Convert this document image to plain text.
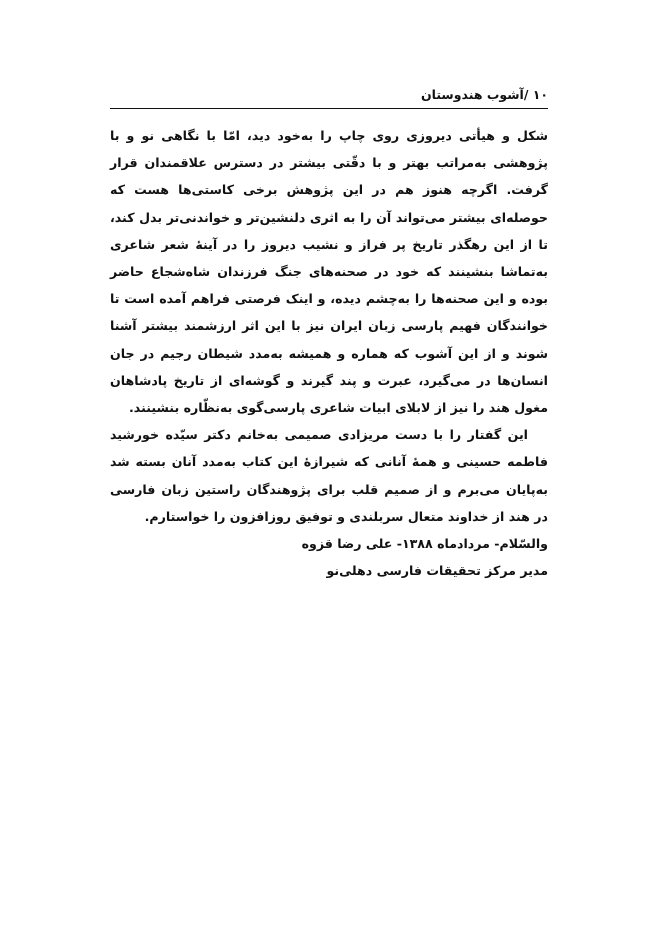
۱۰ /آشوب هندوستان

شکل و هیأتی دیروزی روی چاپ را به‌خود دید، امّا با نگاهی نو و با پژوهشی به‌مراتب بهتر و با دقّتی بیشتر در دسترس علاقمندان قرار گرفت. اگرچه هنوز هم در این پژوهش برخی کاستی‌ها هست که حوصله‌ای بیشتر می‌تواند آن را به اثری دلنشین‌تر و خواندنی‌تر بدل کند، تا از این رهگذر تاریخ پر فراز و نشیب دیروز را در آینهٔ شعر شاعری به‌تماشا بنشینند که خود در صحنه‌های جنگ فرزندان شاه‌شجاع حاضر بوده و این صحنه‌ها را به‌چشم دیده، و اینک فرصتی فراهم آمده است تا خوانندگان فهیم پارسی زبان ایران نیز با این اثر ارزشمند بیشتر آشنا شوند و از این آشوب که هماره و همیشه به‌مدد شیطان رجیم در جان انسان‌ها در می‌گیرد، عبرت و پند گیرند و گوشه‌ای از تاریخ پادشاهان مغول هند را نیز از لابلای ابیات شاعری پارسی‌گوی به‌نظّاره بنشینند.

این گفتار را با دست مریزادی صمیمی به‌خانم دکتر سیّده خورشید فاطمه حسینی و همهٔ آنانی که شیرازهٔ این کتاب به‌مدد آنان بسته شد به‌پایان می‌برم و از صمیم قلب برای پژوهندگان راستین زبان فارسی در هند از خداوند متعال سربلندی و توفیق روزافزون را خواستارم.

والسّلام- مردادماه ۱۳۸۸- علی رضا قزوه

مدیر مرکز تحقیقات فارسی دهلی‌نو
